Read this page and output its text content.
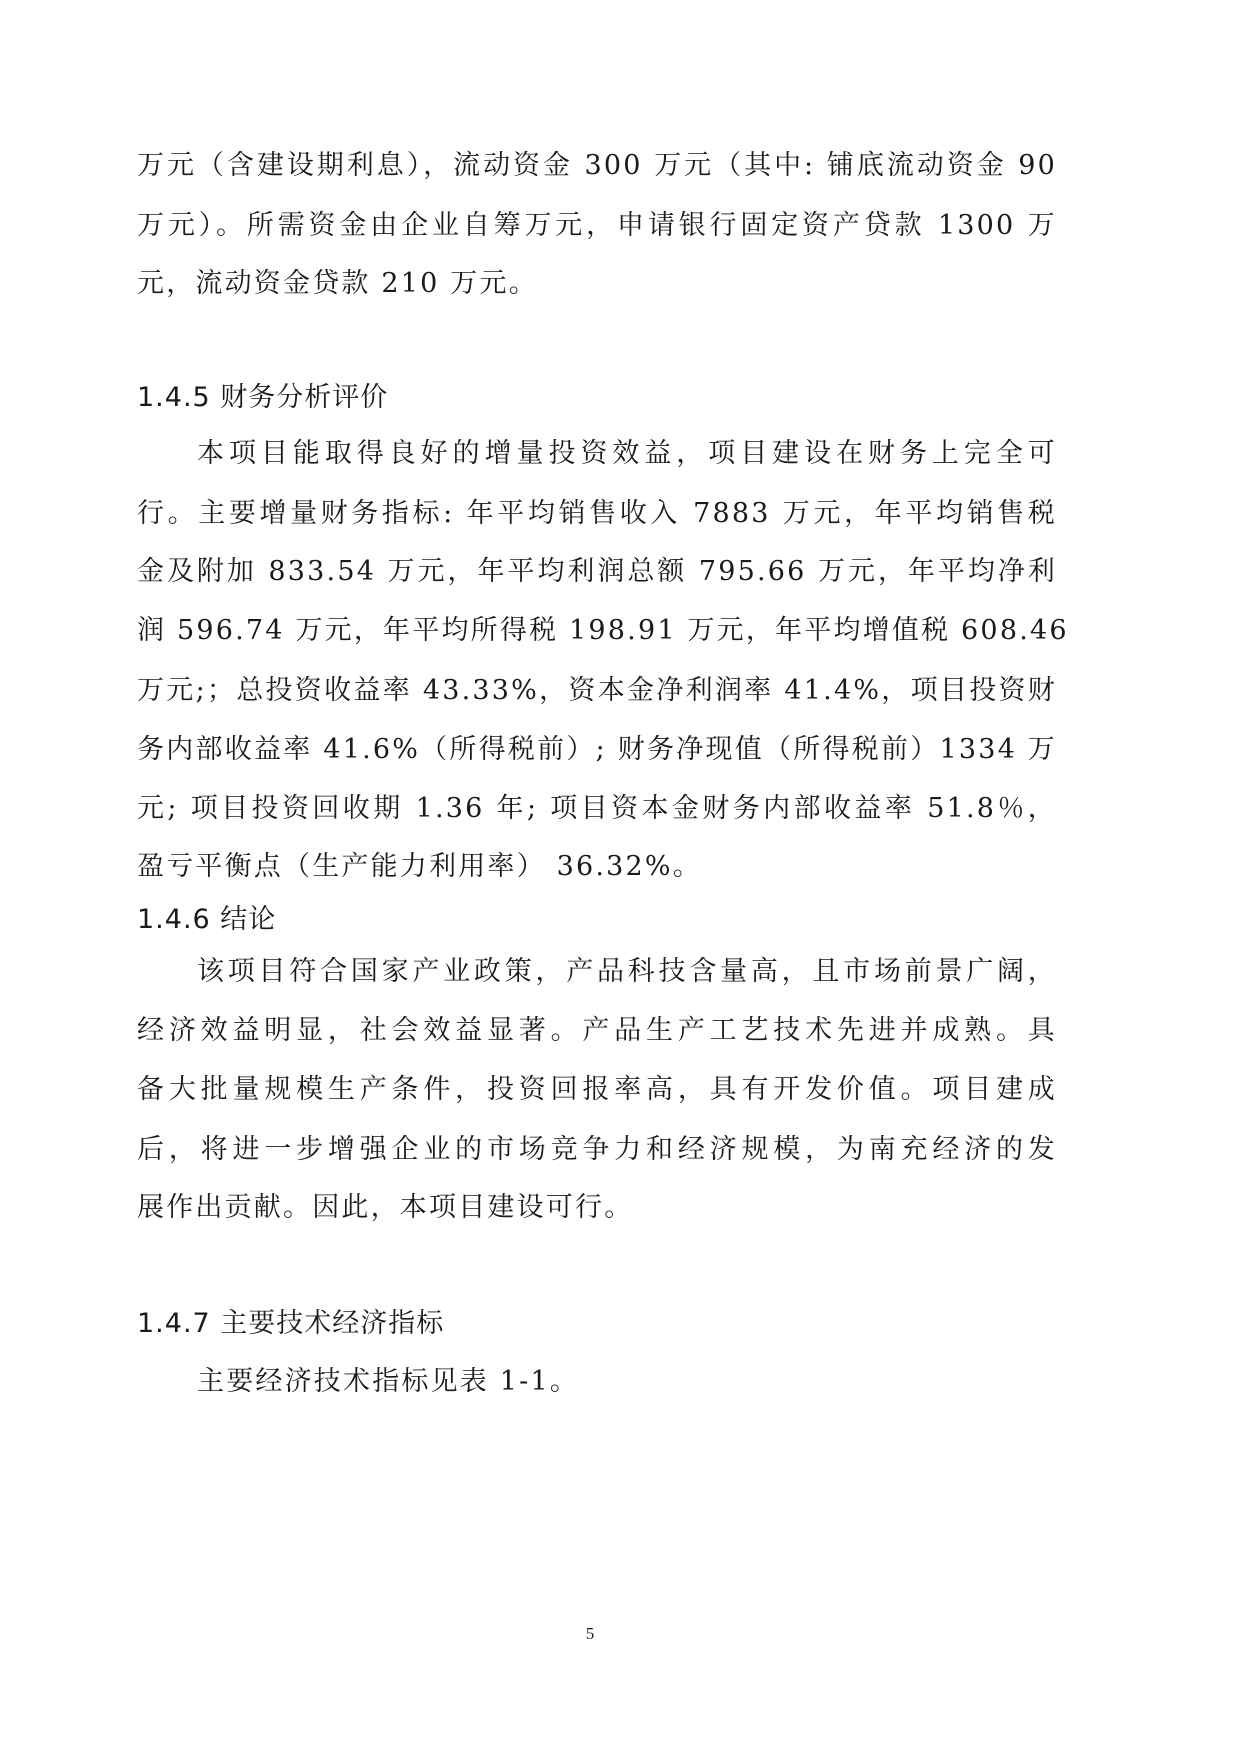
万元（含建设期利息），流动资金 300 万元（其中: 铺底流动资金 90
万元）。所需资金由企业自筹万元，申请银行固定资产贷款 1300 万
元，流动资金贷款 210 万元。
1.4.5 财务分析评价
本项目能取得良好的增量投资效益，项目建设在财务上完全可
行。主要增量财务指标: 年平均销售收入 7883 万元，年平均销售税
金及附加 833.54 万元，年平均利润总额 795.66 万元，年平均净利
润 596.74 万元，年平均所得税 198.91 万元，年平均增值税 608.46
万元;；总投资收益率 43.33%，资本金净利润率 41.4%，项目投资财
务内部收益率 41.6%（所得税前）; 财务净现值（所得税前）1334 万
元; 项目投资回收期 1.36 年; 项目资本金财务内部收益率 51.8％，
盈亏平衡点（生产能力利用率） 36.32%。
1.4.6 结论
该项目符合国家产业政策，产品科技含量高，且市场前景广阔，
经济效益明显，社会效益显著。产品生产工艺技术先进并成熟。具
备大批量规模生产条件，投资回报率高，具有开发价值。项目建成
后，将进一步增强企业的市场竞争力和经济规模，为南充经济的发
展作出贡献。因此，本项目建设可行。
1.4.7 主要技术经济指标
主要经济技术指标见表 1-1。
5
